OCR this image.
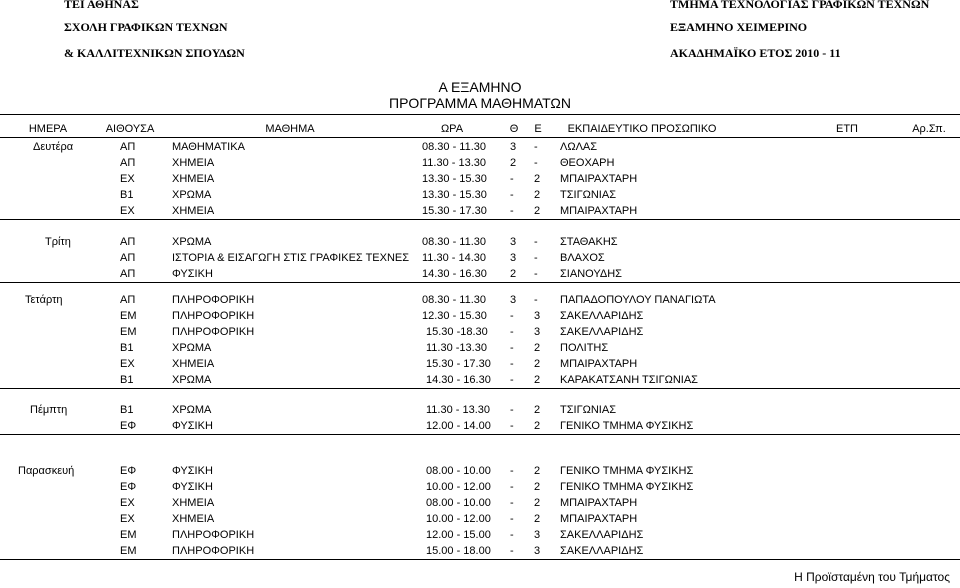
ΤΕΙ ΑΘΗΝΑΣ
ΣΧΟΛΗ ΓΡΑΦΙΚΩΝ ΤΕΧΝΩΝ
& ΚΑΛΛΙΤΕΧΝΙΚΩΝ ΣΠΟΥΔΩΝ
ΤΜΗΜΑ ΤΕΧΝΟΛΟΓΙΑΣ ΓΡΑΦΙΚΩΝ ΤΕΧΝΩΝ
ΕΞΑΜΗΝΟ ΧΕΙΜΕΡΙΝΟ
ΑΚΑΔΗΜΑΪΚΟ ΕΤΟΣ 2010 - 11
Α ΕΞΑΜΗΝΟ
ΠΡΟΓΡΑΜΜΑ ΜΑΘΗΜΑΤΩΝ
ΗΜΕΡΑ	ΑΙΘΟΥΣΑ	ΜΑΘΗΜΑ	ΩΡΑ	Θ Ε ΕΚΠΑΙΔΕΥΤΙΚΟ ΠΡΟΣΩΠΙΚΟ	ΕΤΠ	Αρ.Σπ.
Δευτέρα	ΑΠ	ΜΑΘΗΜΑΤΙΚΑ	08.30 - 11.30 3 - ΛΩΛΑΣ
ΑΠ	ΧΗΜΕΙΑ	11.30 - 13.30 2 - ΘΕΟΧΑΡΗ
ΕΧ	ΧΗΜΕΙΑ	13.30 - 15.30 - 2 ΜΠΑΙΡΑΧΤΑΡΗ
Β1	ΧΡΩΜΑ	13.30 - 15.30 - 2 ΤΣΙΓΩΝΙΑΣ
ΕΧ	ΧΗΜΕΙΑ	15.30 - 17.30 - 2 ΜΠΑΙΡΑΧΤΑΡΗ
Τρίτη	ΑΠ	ΧΡΩΜΑ	08.30 - 11.30 3 - ΣΤΑΘΑΚΗΣ
ΑΠ	ΙΣΤΟΡΙΑ & ΕΙΣΑΓΩΓΗ ΣΤΙΣ ΓΡΑΦΙΚΕΣ ΤΕΧΝΕΣ 11.30 - 14.30 3 - ΒΛΑΧΟΣ
ΑΠ	ΦΥΣΙΚΗ	14.30 - 16.30 2 - ΣΙΑΝΟΥΔΗΣ
Τετάρτη	ΑΠ	ΠΛΗΡΟΦΟΡΙΚΗ	08.30 - 11.30 3 - ΠΑΠΑΔΟΠΟΥΛΟΥ ΠΑΝΑΓΙΩΤΑ
ΕΜ	ΠΛΗΡΟΦΟΡΙΚΗ	12.30 - 15.30 - 3 ΣΑΚΕΛΛΑΡΙΔΗΣ
ΕΜ	ΠΛΗΡΟΦΟΡΙΚΗ	15.30 -18.30 - 3 ΣΑΚΕΛΛΑΡΙΔΗΣ
Β1	ΧΡΩΜΑ	11.30 -13.30 - 2 ΠΟΛΙΤΗΣ
ΕΧ	ΧΗΜΕΙΑ	15.30 - 17.30 - 2 ΜΠΑΙΡΑΧΤΑΡΗ
Β1	ΧΡΩΜΑ	14.30 - 16.30 - 2 ΚΑΡΑΚΑΤΣΑΝΗ ΤΣΙΓΩΝΙΑΣ
Πέμπτη	Β1	ΧΡΩΜΑ	11.30 - 13.30 - 2 ΤΣΙΓΩΝΙΑΣ
ΕΦ	ΦΥΣΙΚΗ	12.00 - 14.00 - 2 ΓΕΝΙΚΟ ΤΜΗΜΑ ΦΥΣΙΚΗΣ
Παρασκευή	ΕΦ	ΦΥΣΙΚΗ	08.00 - 10.00 - 2 ΓΕΝΙΚΟ ΤΜΗΜΑ ΦΥΣΙΚΗΣ
ΕΦ	ΦΥΣΙΚΗ	10.00 - 12.00 - 2 ΓΕΝΙΚΟ ΤΜΗΜΑ ΦΥΣΙΚΗΣ
ΕΧ	ΧΗΜΕΙΑ	08.00 - 10.00 - 2 ΜΠΑΙΡΑΧΤΑΡΗ
ΕΧ	ΧΗΜΕΙΑ	10.00 - 12.00 - 2 ΜΠΑΙΡΑΧΤΑΡΗ
ΕΜ	ΠΛΗΡΟΦΟΡΙΚΗ	12.00 - 15.00 - 3 ΣΑΚΕΛΛΑΡΙΔΗΣ
ΕΜ	ΠΛΗΡΟΦΟΡΙΚΗ	15.00 - 18.00 - 3 ΣΑΚΕΛΛΑΡΙΔΗΣ
Η Προϊσταμένη του Τμήματος
